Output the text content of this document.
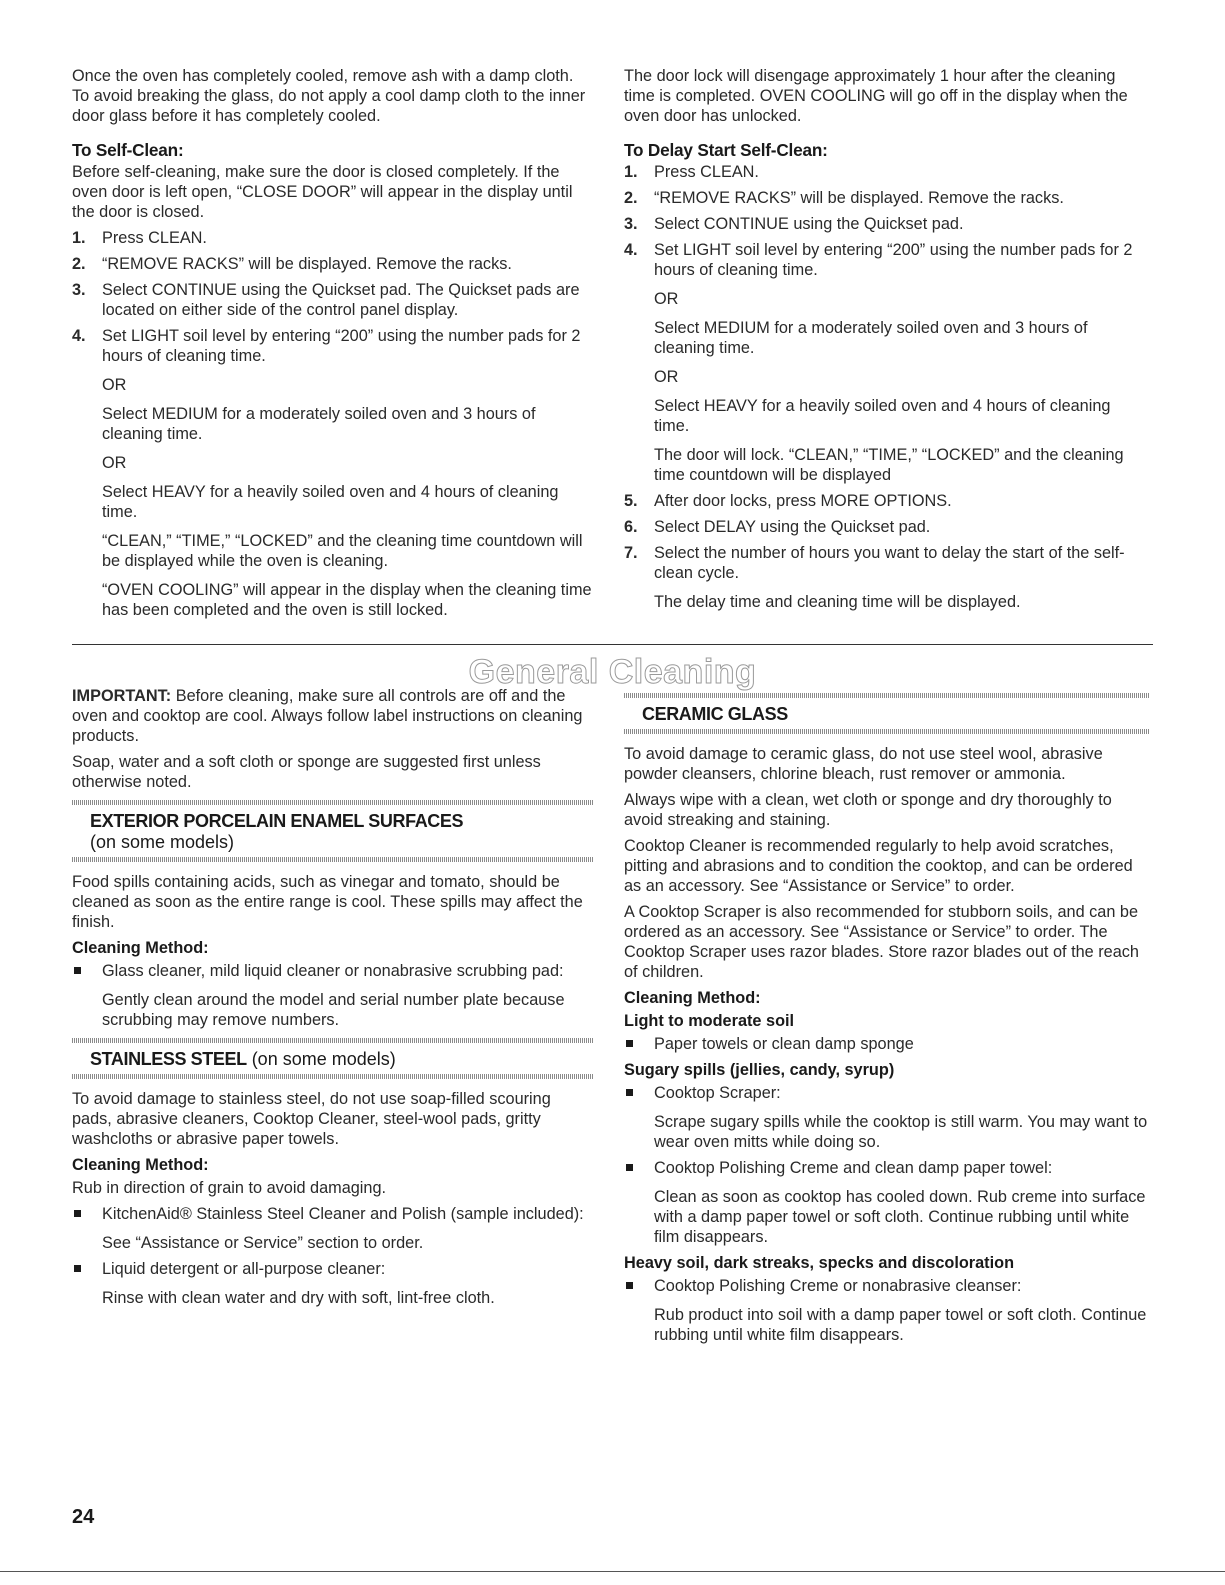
Once the oven has completely cooled, remove ash with a damp cloth. To avoid breaking the glass, do not apply a cool damp cloth to the inner door glass before it has completely cooled.

To Self-Clean:

Before self-cleaning, make sure the door is closed completely. If the oven door is left open, “CLOSE DOOR” will appear in the display until the door is closed.

1. Press CLEAN.

2. “REMOVE RACKS” will be displayed. Remove the racks.

3. Select CONTINUE using the Quickset pad. The Quickset pads are located on either side of the control panel display.

4. Set LIGHT soil level by entering “200” using the number pads for 2 hours of cleaning time.

OR

Select MEDIUM for a moderately soiled oven and 3 hours of cleaning time.

OR

Select HEAVY for a heavily soiled oven and 4 hours of cleaning time.

“CLEAN,” “TIME,” “LOCKED” and the cleaning time countdown will be displayed while the oven is cleaning.

“OVEN COOLING” will appear in the display when the cleaning time has been completed and the oven is still locked.

The door lock will disengage approximately 1 hour after the cleaning time is completed. OVEN COOLING will go off in the display when the oven door has unlocked.

To Delay Start Self-Clean:
1. Press CLEAN.

2. “REMOVE RACKS” will be displayed. Remove the racks.

3. Select CONTINUE using the Quickset pad.

4. Set LIGHT soil level by entering “200” using the number pads for 2 hours of cleaning time.

OR

Select MEDIUM for a moderately soiled oven and 3 hours of cleaning time.

OR

Select HEAVY for a heavily soiled oven and 4 hours of cleaning time.

The door will lock. “CLEAN,” “TIME,” “LOCKED” and the cleaning time countdown will be displayed

5. After door locks, press MORE OPTIONS.

6. Select DELAY using the Quickset pad.

7. Select the number of hours you want to delay the start of the self-clean cycle.

The delay time and cleaning time will be displayed.

General Cleaning

IMPORTANT: Before cleaning, make sure all controls are off and the oven and cooktop are cool. Always follow label instructions on cleaning products.

Soap, water and a soft cloth or sponge are suggested first unless otherwise noted.

EXTERIOR PORCELAIN ENAMEL SURFACES
(on some models)

Food spills containing acids, such as vinegar and tomato, should be cleaned as soon as the entire range is cool. These spills may affect the finish.

Cleaning Method:

Glass cleaner, mild liquid cleaner or nonabrasive scrubbing pad:

Gently clean around the model and serial number plate because scrubbing may remove numbers.

STAINLESS STEEL (on some models)

To avoid damage to stainless steel, do not use soap-filled scouring pads, abrasive cleaners, Cooktop Cleaner, steel-wool pads, gritty washcloths or abrasive paper towels.

Cleaning Method:

Rub in direction of grain to avoid damaging.

KitchenAid® Stainless Steel Cleaner and Polish (sample included):

See “Assistance or Service” section to order.

Liquid detergent or all-purpose cleaner:

Rinse with clean water and dry with soft, lint-free cloth.

CERAMIC GLASS

To avoid damage to ceramic glass, do not use steel wool, abrasive powder cleansers, chlorine bleach, rust remover or ammonia.

Always wipe with a clean, wet cloth or sponge and dry thoroughly to avoid streaking and staining.

Cooktop Cleaner is recommended regularly to help avoid scratches, pitting and abrasions and to condition the cooktop, and can be ordered as an accessory. See “Assistance or Service” to order.

A Cooktop Scraper is also recommended for stubborn soils, and can be ordered as an accessory. See “Assistance or Service” to order. The Cooktop Scraper uses razor blades. Store razor blades out of the reach of children.

Cleaning Method:
Light to moderate soil

Paper towels or clean damp sponge

Sugary spills (jellies, candy, syrup)

Cooktop Scraper:

Scrape sugary spills while the cooktop is still warm. You may want to wear oven mitts while doing so.

Cooktop Polishing Creme and clean damp paper towel:

Clean as soon as cooktop has cooled down. Rub creme into surface with a damp paper towel or soft cloth. Continue rubbing until white film disappears.

Heavy soil, dark streaks, specks and discoloration

Cooktop Polishing Creme or nonabrasive cleanser:

Rub product into soil with a damp paper towel or soft cloth. Continue rubbing until white film disappears.

24
